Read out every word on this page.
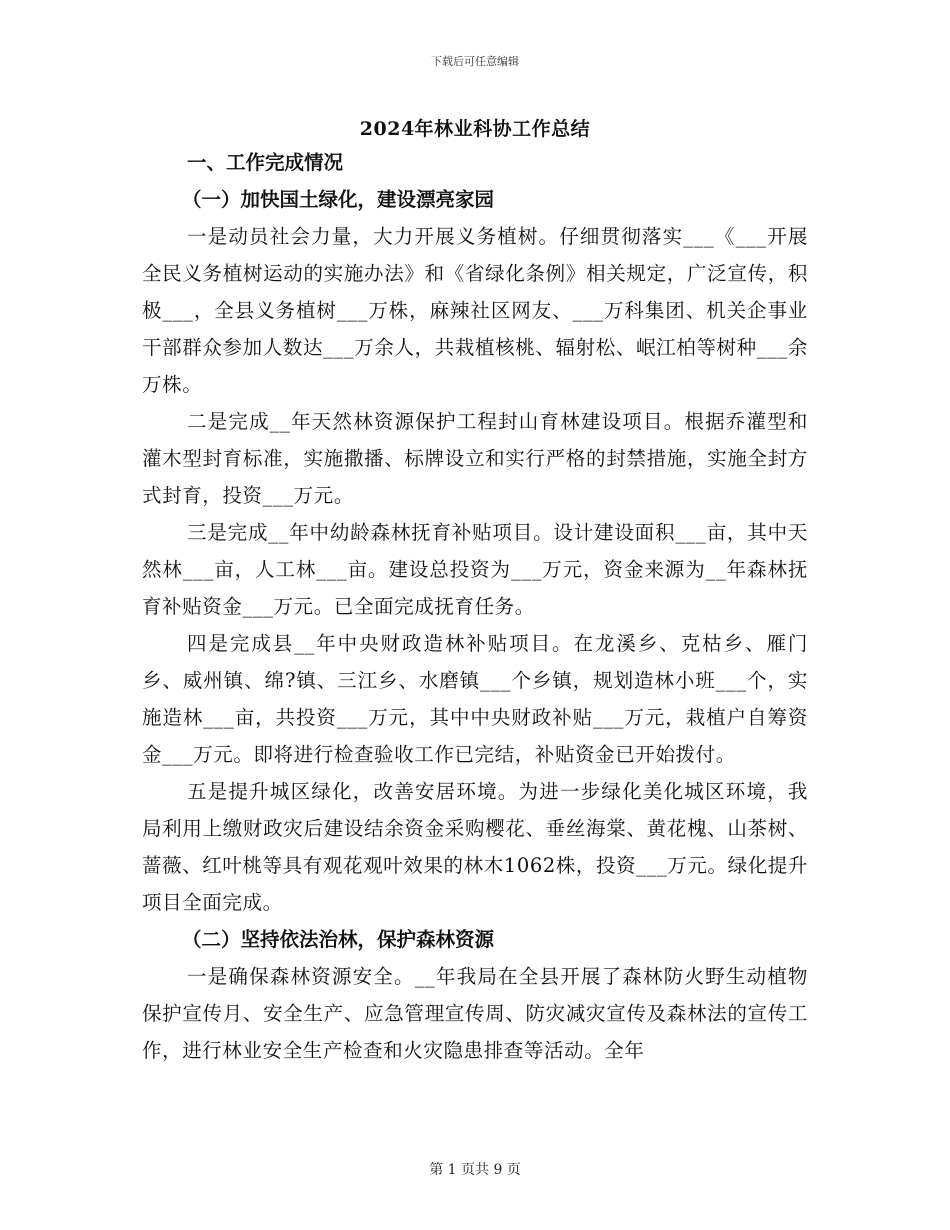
下载后可任意编辑
2024年林业科协工作总结

一、工作完成情况

（一）加快国土绿化，建设漂亮家园

一是动员社会力量，大力开展义务植树。仔细贯彻落实___《___开展全民义务植树运动的实施办法》和《省绿化条例》相关规定，广泛宣传，积极___，全县义务植树___万株，麻辣社区网友、___万科集团、机关企事业干部群众参加人数达___万余人，共栽植核桃、辐射松、岷江柏等树种___余万株。

二是完成__年天然林资源保护工程封山育林建设项目。根据乔灌型和灌木型封育标准，实施撒播、标牌设立和实行严格的封禁措施，实施全封方式封育，投资___万元。

三是完成__年中幼龄森林抚育补贴项目。设计建设面积___亩，其中天然林___亩，人工林___亩。建设总投资为___万元，资金来源为__年森林抚育补贴资金___万元。已全面完成抚育任务。

四是完成县__年中央财政造林补贴项目。在龙溪乡、克枯乡、雁门乡、威州镇、绵?镇、三江乡、水磨镇___个乡镇，规划造林小班___个，实施造林___亩，共投资___万元，其中中央财政补贴___万元，栽植户自筹资金___万元。即将进行检查验收工作已完结，补贴资金已开始拨付。

五是提升城区绿化，改善安居环境。为进一步绿化美化城区环境，我局利用上缴财政灾后建设结余资金采购樱花、垂丝海棠、黄花槐、山茶树、蔷薇、红叶桃等具有观花观叶效果的林木1062株，投资___万元。绿化提升项目全面完成。

（二）坚持依法治林，保护森林资源

一是确保森林资源安全。__年我局在全县开展了森林防火野生动植物保护宣传月、安全生产、应急管理宣传周、防灾减灾宣传及森林法的宣传工作，进行林业安全生产检查和火灾隐患排查等活动。全年

第 1 页共 9 页
